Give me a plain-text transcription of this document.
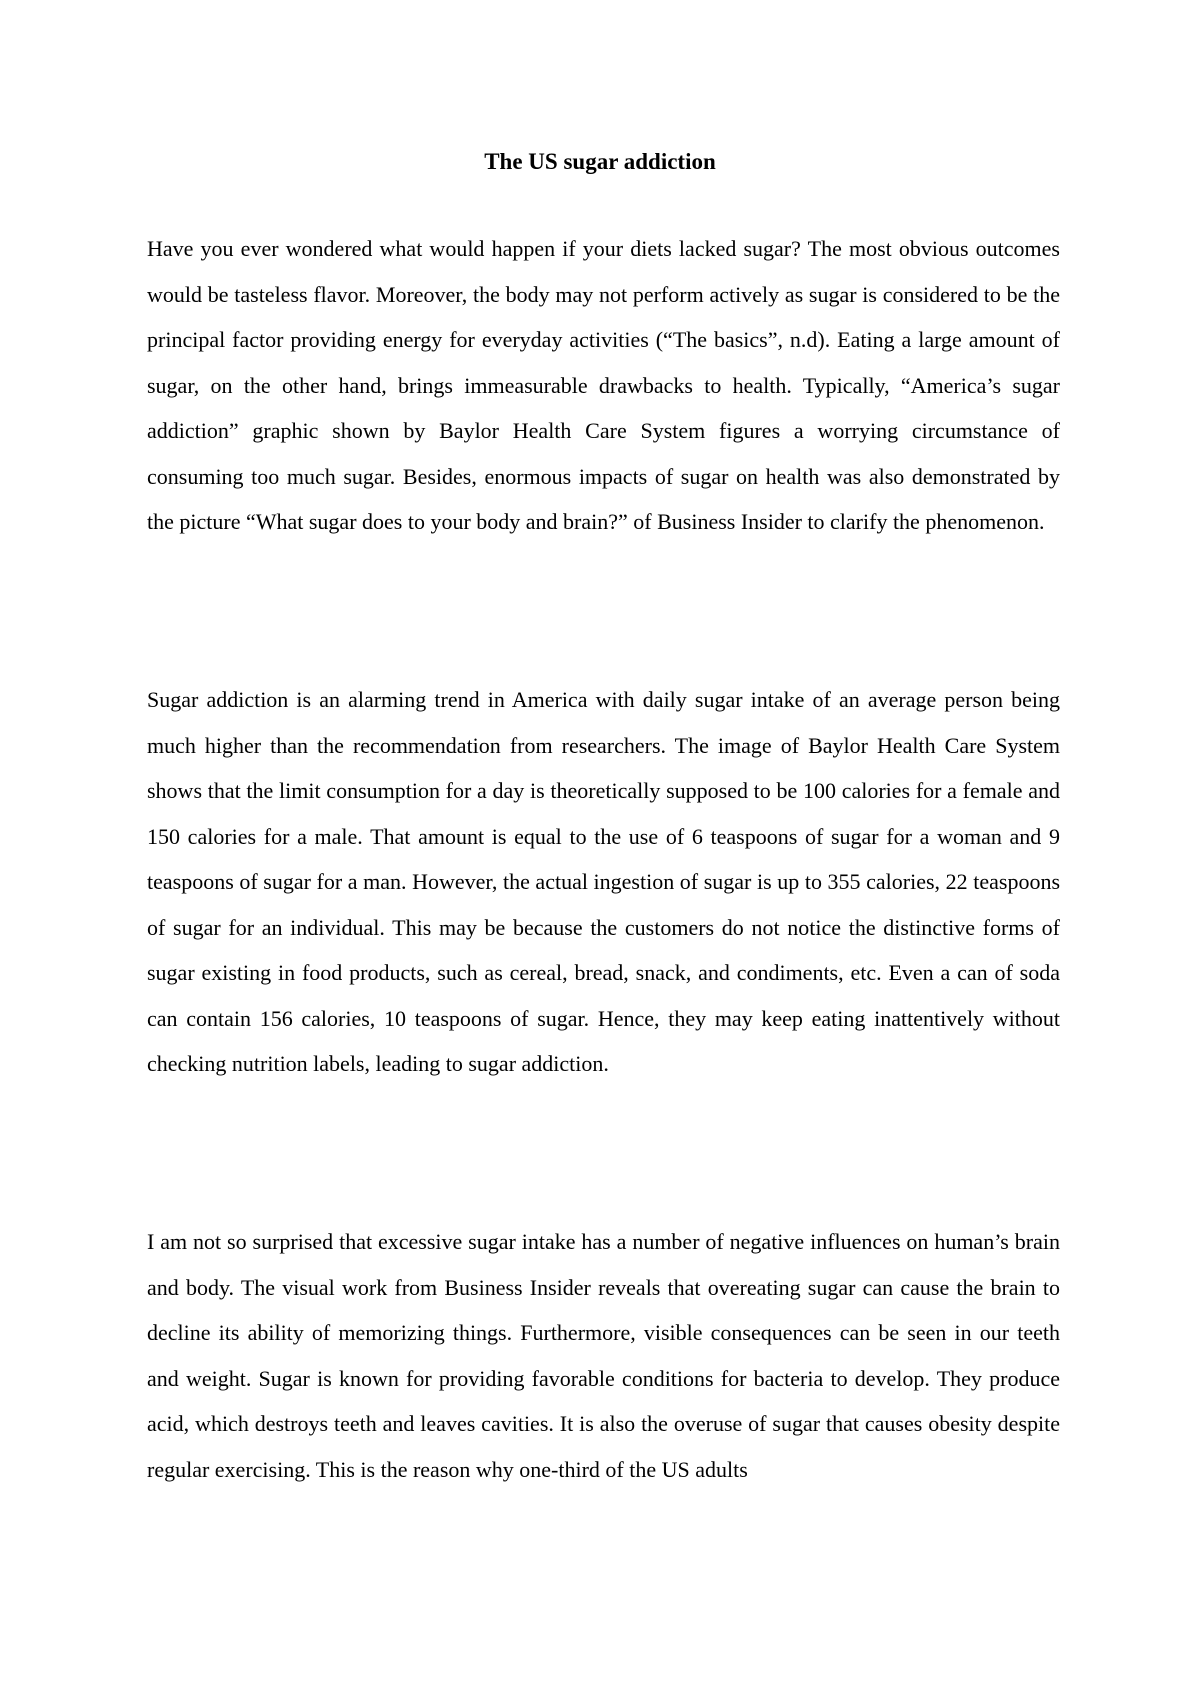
The US sugar addiction

Have you ever wondered what would happen if your diets lacked sugar? The most obvious outcomes would be tasteless flavor. Moreover, the body may not perform actively as sugar is considered to be the principal factor providing energy for everyday activities (“The basics”, n.d). Eating a large amount of sugar, on the other hand, brings immeasurable drawbacks to health. Typically, “America’s sugar addiction” graphic shown by Baylor Health Care System figures a worrying circumstance of consuming too much sugar. Besides, enormous impacts of sugar on health was also demonstrated by the picture “What sugar does to your body and brain?” of Business Insider to clarify the phenomenon.

Sugar addiction is an alarming trend in America with daily sugar intake of an average person being much higher than the recommendation from researchers. The image of Baylor Health Care System shows that the limit consumption for a day is theoretically supposed to be 100 calories for a female and 150 calories for a male. That amount is equal to the use of 6 teaspoons of sugar for a woman and 9 teaspoons of sugar for a man. However, the actual ingestion of sugar is up to 355 calories, 22 teaspoons of sugar for an individual. This may be because the customers do not notice the distinctive forms of sugar existing in food products, such as cereal, bread, snack, and condiments, etc. Even a can of soda can contain 156 calories, 10 teaspoons of sugar. Hence, they may keep eating inattentively without checking nutrition labels, leading to sugar addiction.

I am not so surprised that excessive sugar intake has a number of negative influences on human’s brain and body. The visual work from Business Insider reveals that overeating sugar can cause the brain to decline its ability of memorizing things. Furthermore, visible consequences can be seen in our teeth and weight. Sugar is known for providing favorable conditions for bacteria to develop. They produce acid, which destroys teeth and leaves cavities. It is also the overuse of sugar that causes obesity despite regular exercising. This is the reason why one-third of the US adults
